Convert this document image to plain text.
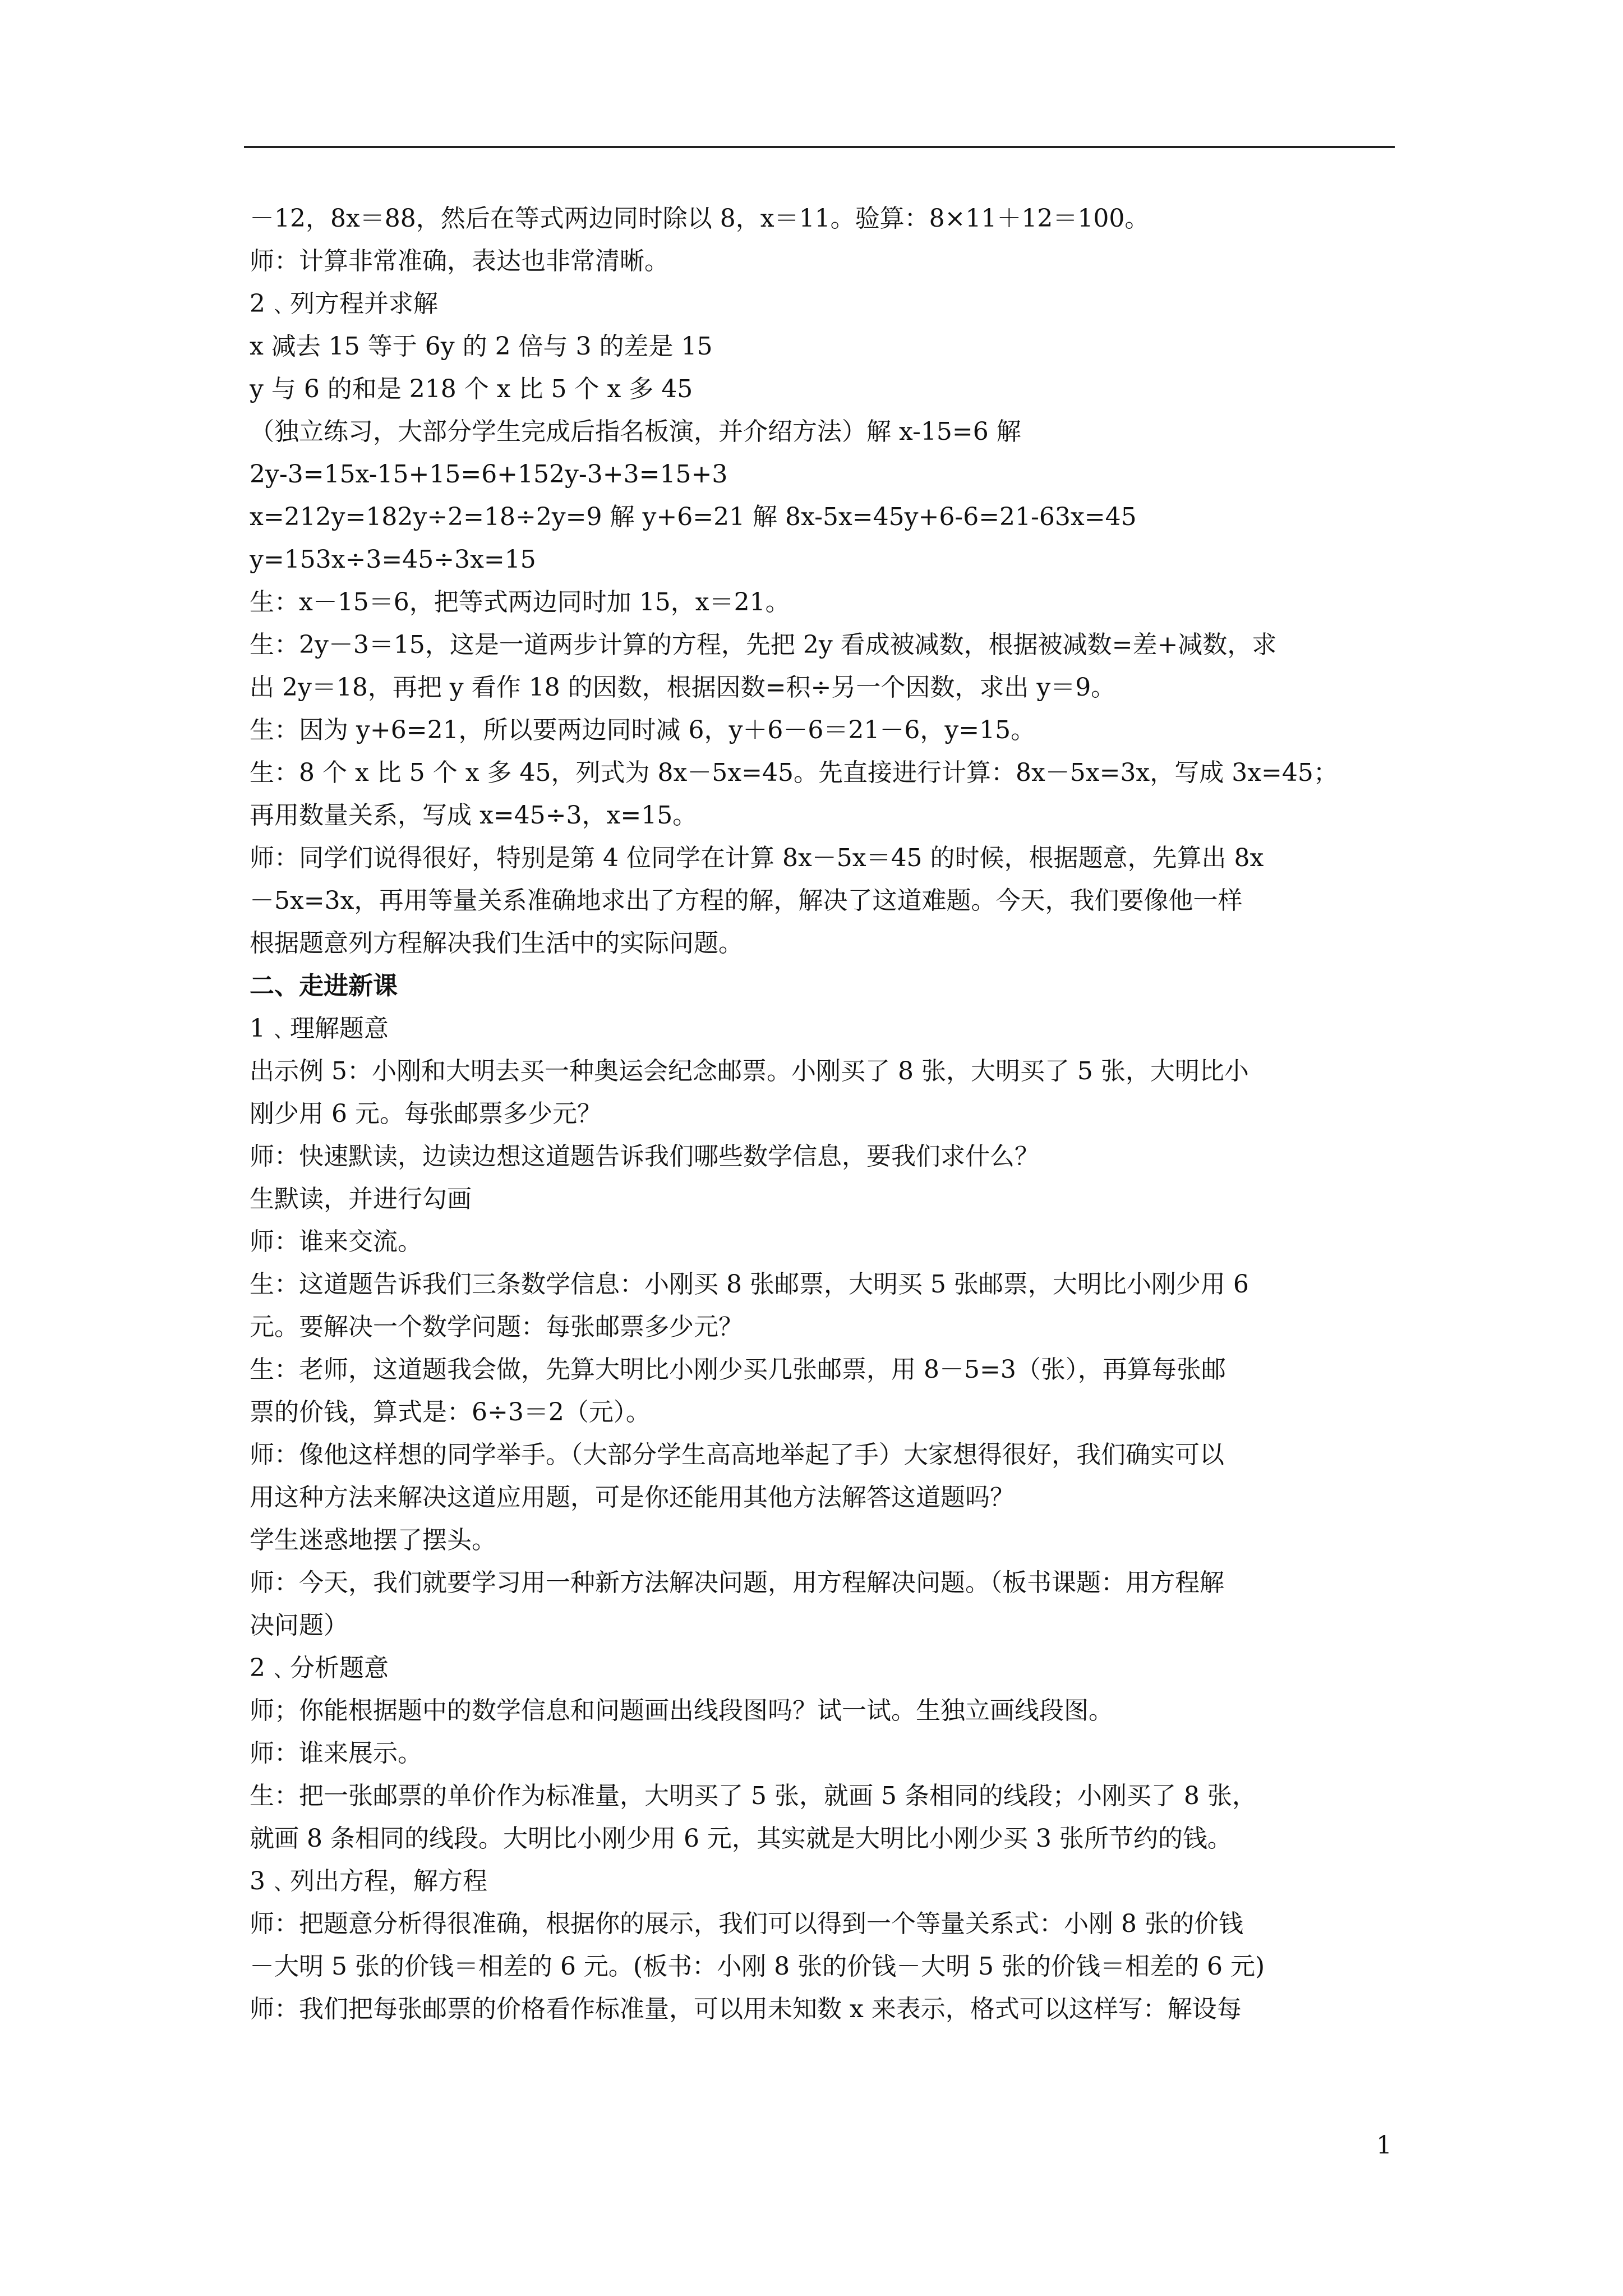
－12，8x＝88，然后在等式两边同时除以 8，x＝11。验算：8×11＋12＝100。
师：计算非常准确，表达也非常清晰。
2﹑列方程并求解
x 减去 15 等于 6y 的 2 倍与 3 的差是 15
y 与 6 的和是 218 个 x 比 5 个 x 多 45
（独立练习，大部分学生完成后指名板演，并介绍方法）解 x-15=6 解
2y-3=15x-15+15=6+152y-3+3=15+3
x=212y=182y÷2=18÷2y=9 解 y+6=21 解 8x-5x=45y+6-6=21-63x=45
y=153x÷3=45÷3x=15
生：x－15＝6，把等式两边同时加 15，x＝21。
生：2y－3＝15，这是一道两步计算的方程，先把 2y 看成被减数，根据被减数=差+减数，求
出 2y＝18，再把 y 看作 18 的因数，根据因数=积÷另一个因数，求出 y＝9。
生：因为 y+6=21，所以要两边同时减 6，y＋6－6＝21－6，y=15。
生：8 个 x 比 5 个 x 多 45，列式为 8x－5x=45。先直接进行计算：8x－5x=3x，写成 3x=45；
再用数量关系，写成 x=45÷3，x=15。
师：同学们说得很好，特别是第 4 位同学在计算 8x－5x＝45 的时候，根据题意，先算出 8x
－5x=3x，再用等量关系准确地求出了方程的解，解决了这道难题。今天，我们要像他一样
根据题意列方程解决我们生活中的实际问题。
二、走进新课
1﹑理解题意
出示例 5：小刚和大明去买一种奥运会纪念邮票。小刚买了 8 张，大明买了 5 张，大明比小
刚少用 6 元。每张邮票多少元？
师：快速默读，边读边想这道题告诉我们哪些数学信息，要我们求什么？
生默读，并进行勾画
师：谁来交流。
生：这道题告诉我们三条数学信息：小刚买 8 张邮票，大明买 5 张邮票，大明比小刚少用 6
元。要解决一个数学问题：每张邮票多少元？
生：老师，这道题我会做，先算大明比小刚少买几张邮票，用 8－5=3（张），再算每张邮
票的价钱，算式是：6÷3＝2（元）。
师：像他这样想的同学举手。（大部分学生高高地举起了手）大家想得很好，我们确实可以
用这种方法来解决这道应用题，可是你还能用其他方法解答这道题吗？
学生迷惑地摆了摆头。
师：今天，我们就要学习用一种新方法解决问题，用方程解决问题。（板书课题：用方程解
决问题）
2﹑分析题意
师；你能根据题中的数学信息和问题画出线段图吗？试一试。生独立画线段图。
师：谁来展示。
生：把一张邮票的单价作为标准量，大明买了 5 张，就画 5 条相同的线段；小刚买了 8 张，
就画 8 条相同的线段。大明比小刚少用 6 元，其实就是大明比小刚少买 3 张所节约的钱。
3﹑列出方程，解方程
师：把题意分析得很准确，根据你的展示，我们可以得到一个等量关系式：小刚 8 张的价钱
－大明 5 张的价钱＝相差的 6 元。(板书：小刚 8 张的价钱－大明 5 张的价钱＝相差的 6 元)
师：我们把每张邮票的价格看作标准量，可以用未知数 x 来表示，格式可以这样写：解设每
1
